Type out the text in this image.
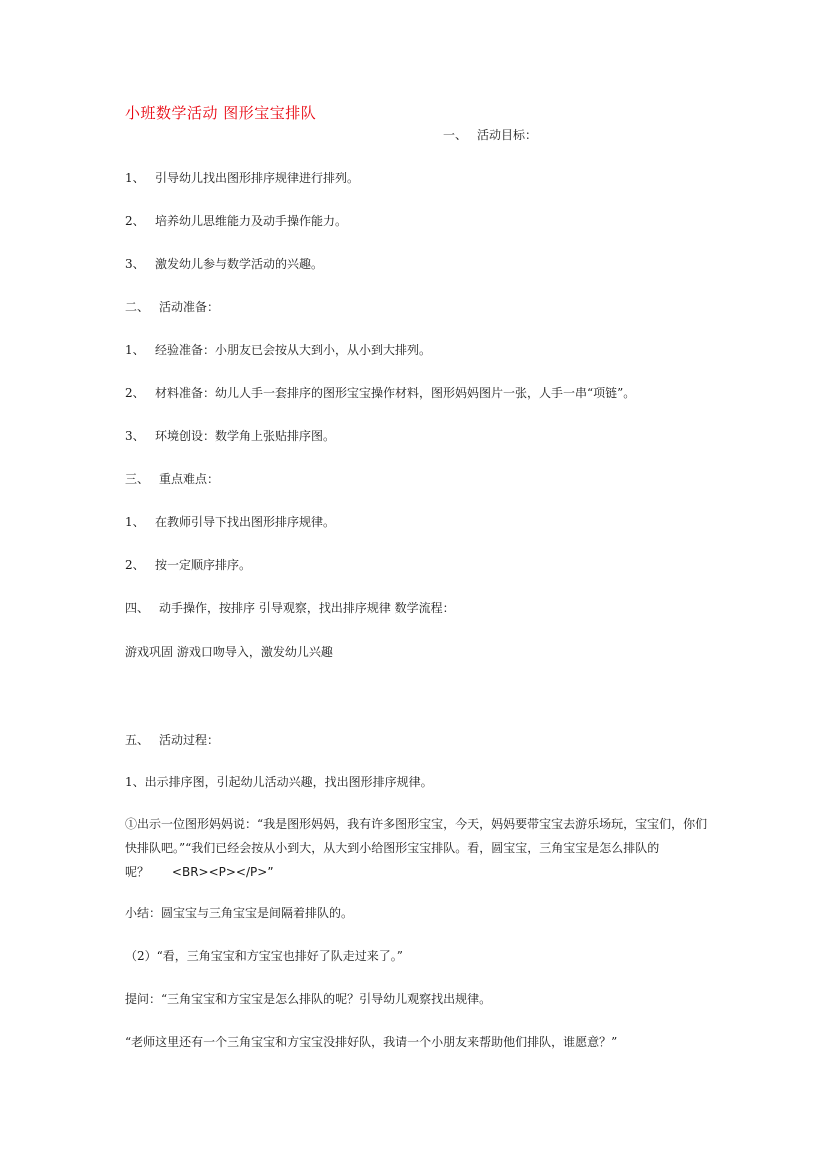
小班数学活动 图形宝宝排队
一、 活动目标：
1、 引导幼儿找出图形排序规律进行排列。
2、 培养幼儿思维能力及动手操作能力。
3、 激发幼儿参与数学活动的兴趣。
二、 活动准备：
1、 经验准备：小朋友已会按从大到小，从小到大排列。
2、 材料准备：幼儿人手一套排序的图形宝宝操作材料，图形妈妈图片一张，人手一串“项链”。
3、 环境创设：数学角上张贴排序图。
三、 重点难点：
1、 在教师引导下找出图形排序规律。
2、 按一定顺序排序。
四、 动手操作，按排序 引导观察，找出排序规律 数学流程：
游戏巩固 游戏口吻导入，激发幼儿兴趣
五、 活动过程：
1、出示排序图，引起幼儿活动兴趣，找出图形排序规律。
①出示一位图形妈妈说：“我是图形妈妈，我有许多图形宝宝，今天，妈妈要带宝宝去游乐场玩，宝宝们，你们快排队吧。”“我们已经会按从小到大，从大到小给图形宝宝排队。看，圆宝宝，三角宝宝是怎么排队的呢？ <BR><P></P>”
小结：圆宝宝与三角宝宝是间隔着排队的。
（2）“看，三角宝宝和方宝宝也排好了队走过来了。”
提问：“三角宝宝和方宝宝是怎么排队的呢？引导幼儿观察找出规律。
“老师这里还有一个三角宝宝和方宝宝没排好队，我请一个小朋友来帮助他们排队，谁愿意？”
